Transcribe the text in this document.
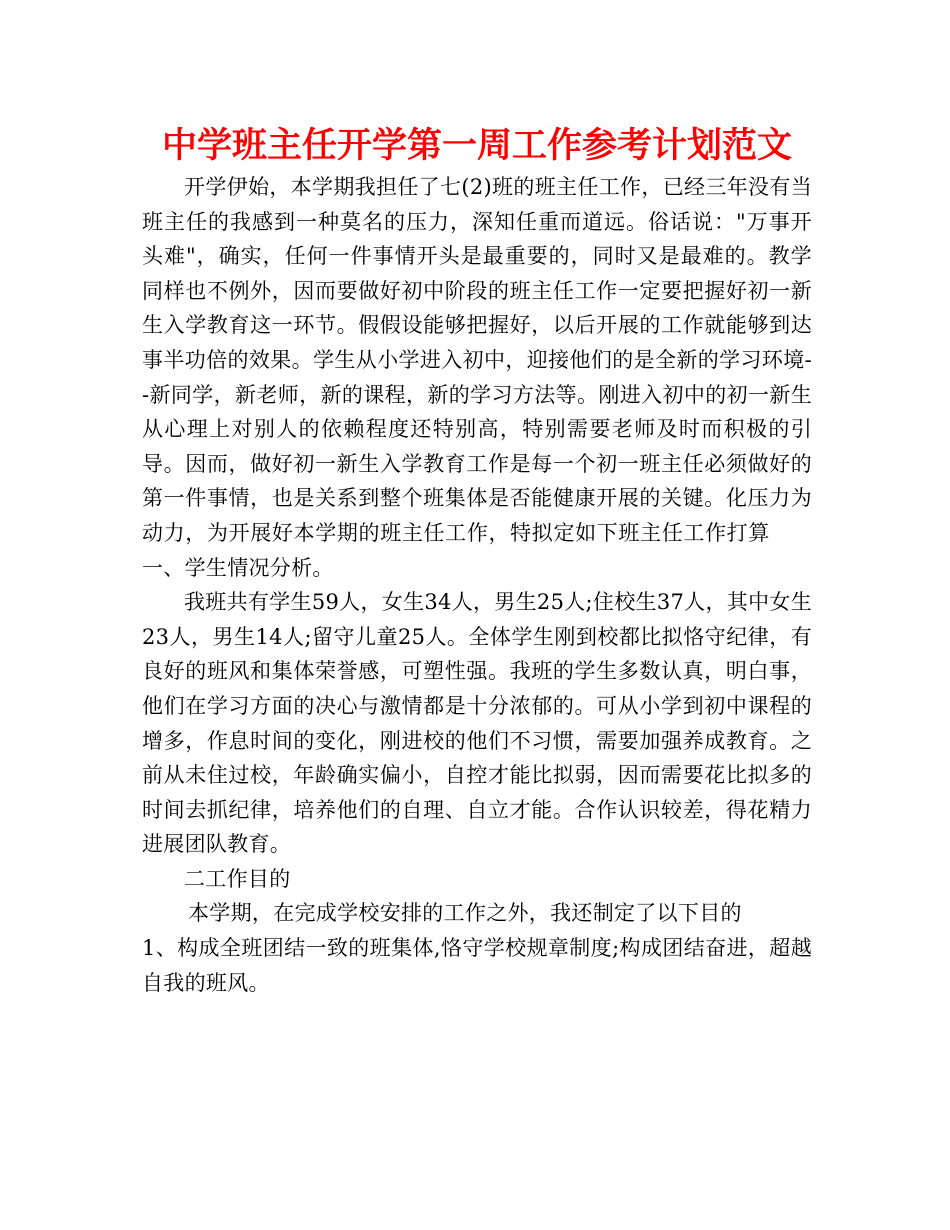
中学班主任开学第一周工作参考计划范文

开学伊始，本学期我担任了七(2)班的班主任工作，已经三年没有当班主任的我感到一种莫名的压力，深知任重而道远。俗话说："万事开头难"，确实，任何一件事情开头是最重要的，同时又是最难的。教学同样也不例外，因而要做好初中阶段的班主任工作一定要把握好初一新生入学教育这一环节。假假设能够把握好，以后开展的工作就能够到达事半功倍的效果。学生从小学进入初中，迎接他们的是全新的学习环境--新同学，新老师，新的课程，新的学习方法等。刚进入初中的初一新生从心理上对别人的依赖程度还特别高，特别需要老师及时而积极的引导。因而，做好初一新生入学教育工作是每一个初一班主任必须做好的第一件事情，也是关系到整个班集体是否能健康开展的关键。化压力为动力，为开展好本学期的班主任工作，特拟定如下班主任工作打算一、学生情况分析。

我班共有学生59人，女生34人，男生25人;住校生37人，其中女生23人，男生14人;留守儿童25人。全体学生刚到校都比拟恪守纪律，有良好的班风和集体荣誉感，可塑性强。我班的学生多数认真，明白事，他们在学习方面的决心与激情都是十分浓郁的。可从小学到初中课程的增多，作息时间的变化，刚进校的他们不习惯，需要加强养成教育。之前从未住过校，年龄确实偏小，自控才能比拟弱，因而需要花比拟多的时间去抓纪律，培养他们的自理、自立才能。合作认识较差，得花精力进展团队教育。

二工作目的

本学期，在完成学校安排的工作之外，我还制定了以下目的

1、构成全班团结一致的班集体,恪守学校规章制度;构成团结奋进，超越自我的班风。
